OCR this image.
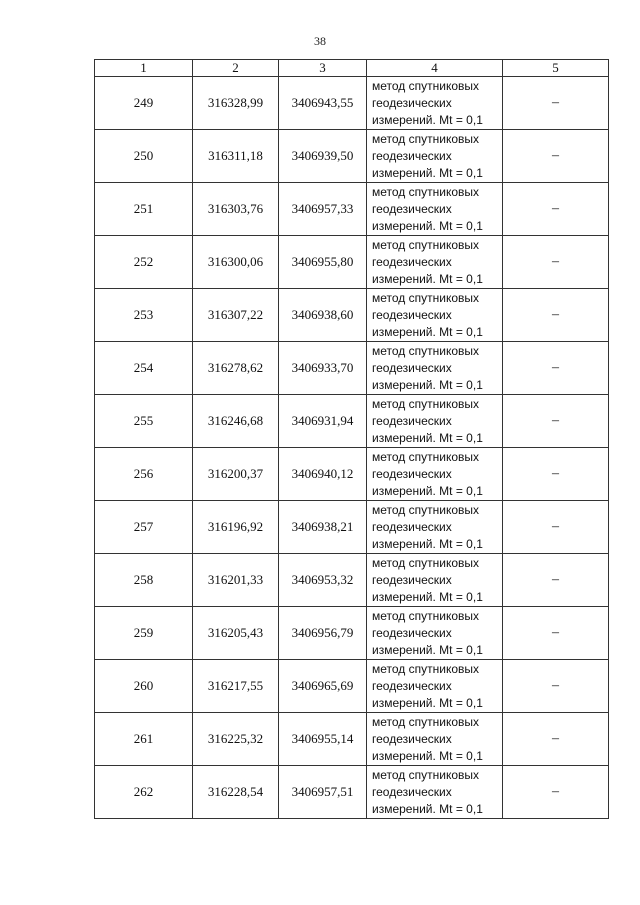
38
1	2	3	4	5
249	316328,99	3406943,55	метод спутниковых
геодезических
измерений. Mt = 0,1	–
250	316311,18	3406939,50	метод спутниковых
геодезических
измерений. Mt = 0,1	–
251	316303,76	3406957,33	метод спутниковых
геодезических
измерений. Mt = 0,1	–
252	316300,06	3406955,80	метод спутниковых
геодезических
измерений. Mt = 0,1	–
253	316307,22	3406938,60	метод спутниковых
геодезических
измерений. Mt = 0,1	–
254	316278,62	3406933,70	метод спутниковых
геодезических
измерений. Mt = 0,1	–
255	316246,68	3406931,94	метод спутниковых
геодезических
измерений. Mt = 0,1	–
256	316200,37	3406940,12	метод спутниковых
геодезических
измерений. Mt = 0,1	–
257	316196,92	3406938,21	метод спутниковых
геодезических
измерений. Mt = 0,1	–
258	316201,33	3406953,32	метод спутниковых
геодезических
измерений. Mt = 0,1	–
259	316205,43	3406956,79	метод спутниковых
геодезических
измерений. Mt = 0,1	–
260	316217,55	3406965,69	метод спутниковых
геодезических
измерений. Mt = 0,1	–
261	316225,32	3406955,14	метод спутниковых
геодезических
измерений. Mt = 0,1	–
262	316228,54	3406957,51	метод спутниковых
геодезических
измерений. Mt = 0,1	–
